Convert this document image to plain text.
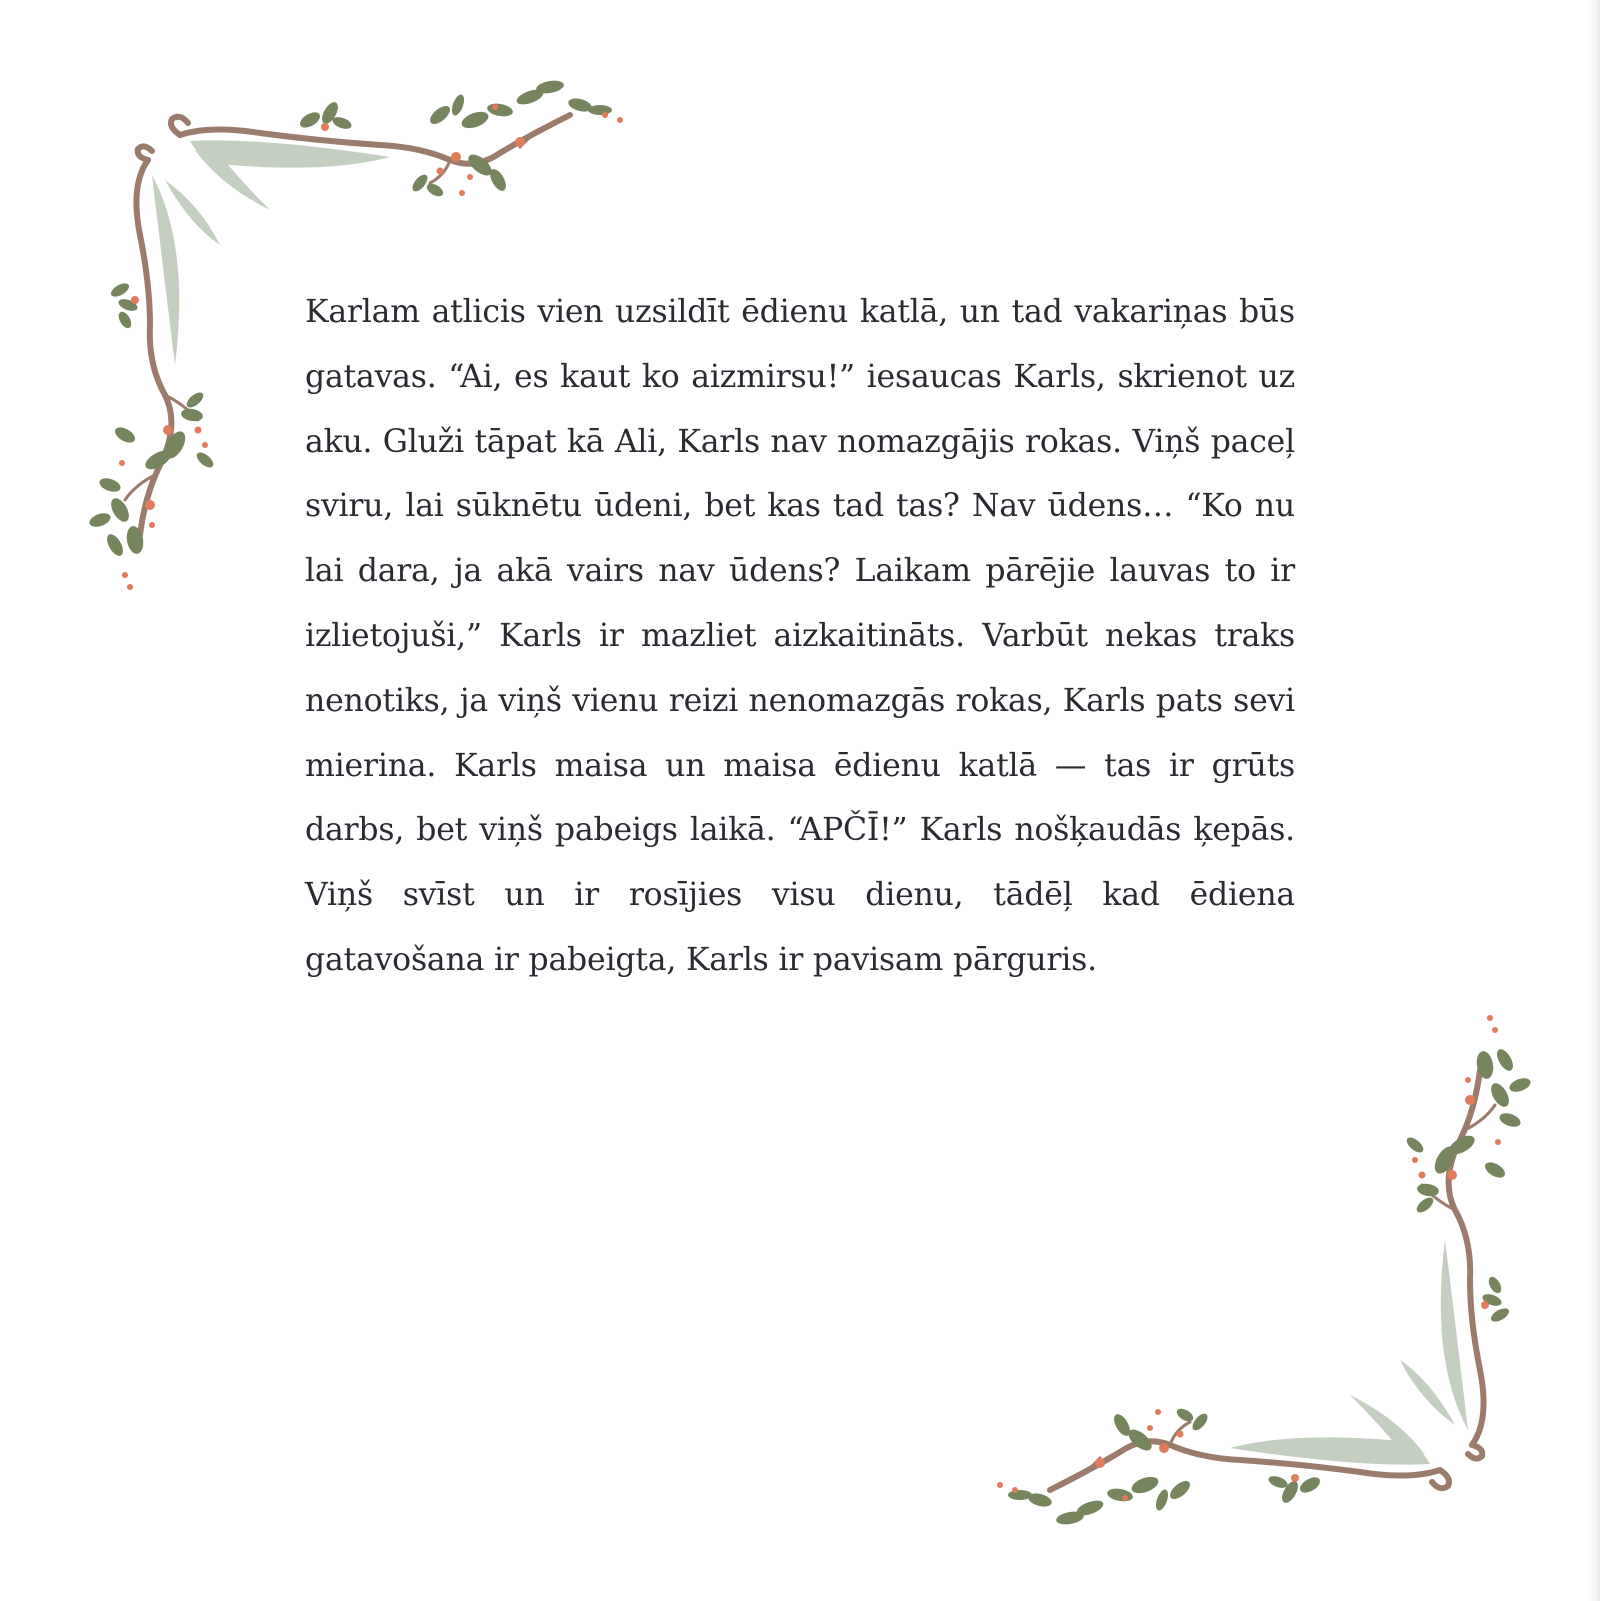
Karlam atlicis vien uzsildīt ēdienu katlā, un tad vakariņas būs gatavas. “Ai, es kaut ko aizmirsu!” iesaucas Karls, skrienot uz aku. Gluži tāpat kā Ali, Karls nav nomazgājis rokas. Viņš paceļ sviru, lai sūknētu ūdeni, bet kas tad tas? Nav ūdens… “Ko nu lai dara, ja akā vairs nav ūdens? Laikam pārējie lauvas to ir izlietojuši,” Karls ir mazliet aizkaitināts. Varbūt nekas traks nenotiks, ja viņš vienu reizi nenomazgās rokas, Karls pats sevi mierina. Karls maisa un maisa ēdienu katlā — tas ir grūts darbs, bet viņš pabeigs laikā. “APČĪ!” Karls nošķaudās ķepās. Viņš svīst un ir rosījies visu dienu, tādēļ kad ēdiena gatavošana ir pabeigta, Karls ir pavisam pārguris.
